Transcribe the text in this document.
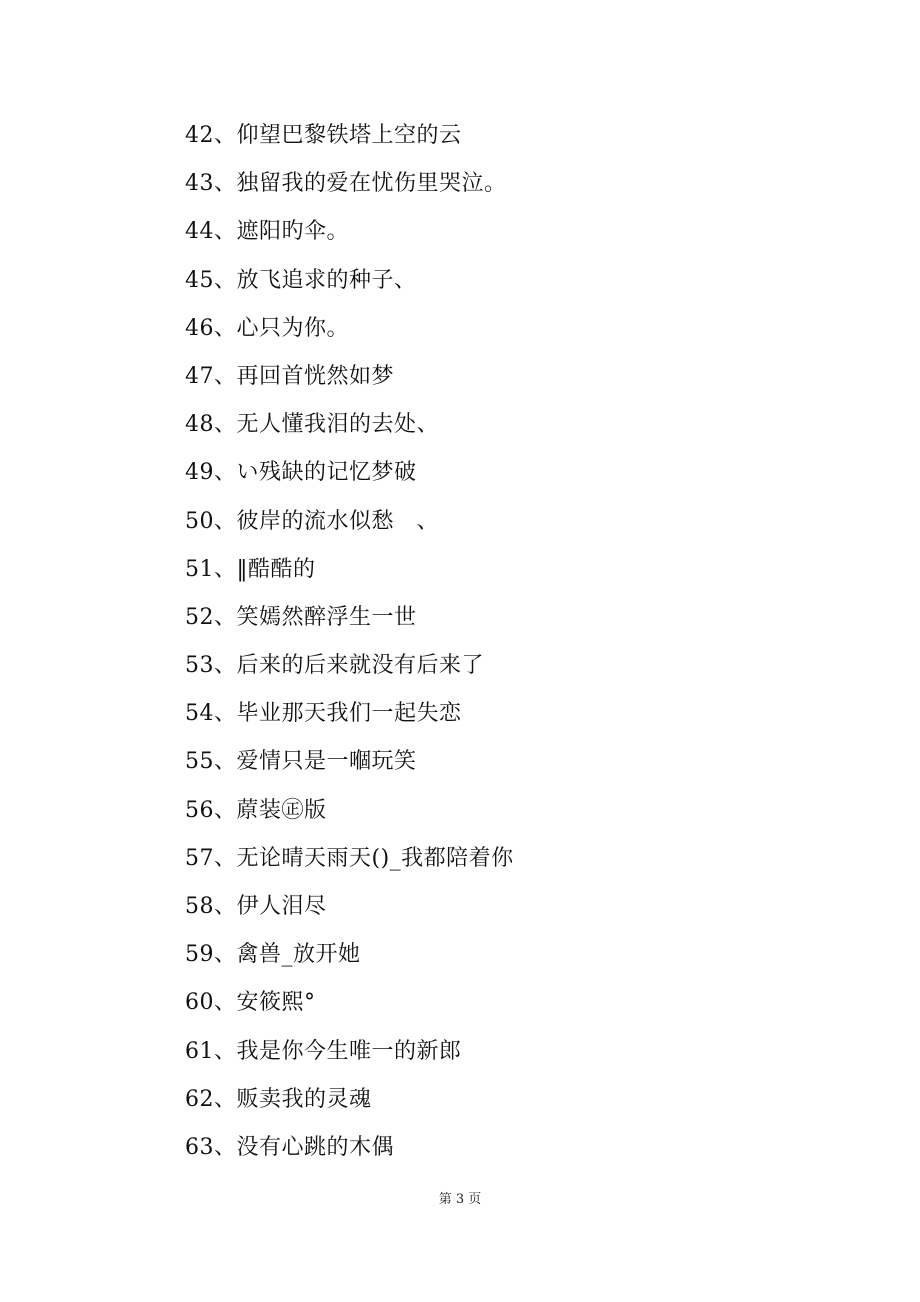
42、仰望巴黎铁塔上空的云
43、独留我的爱在忧伤里哭泣。
44、遮阳旳伞。
45、放飞追求的种子、
46、心只为你。
47、再回首恍然如梦
48、无人懂我泪的去处、
49、い残缺的记忆梦破
50、彼岸的流水似愁　、
51、‖酷酷的
52、笑嫣然醉浮生一世
53、后来的后来就没有后来了
54、毕业那天我们一起失恋
55、爱情只是一嗰玩笑
56、蒝装㊣版
57、无论晴天雨天()_我都陪着你
58、伊人泪尽
59、禽兽_放开她
60、安筱熙°
61、我是你今生唯一的新郎
62、贩卖我的灵魂
63、没有心跳的木偶
第 3 页
